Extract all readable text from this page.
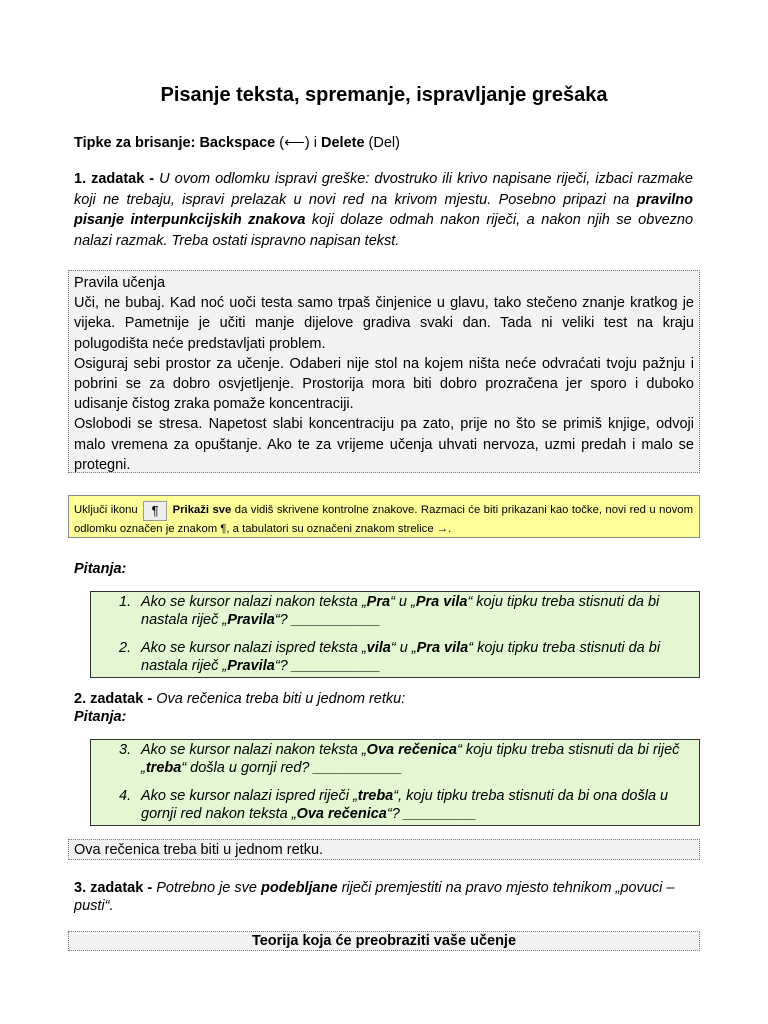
Pisanje teksta, spremanje, ispravljanje grešaka
Tipke za brisanje: Backspace (⟵) i Delete (Del)
1. zadatak - U ovom odlomku ispravi greške: dvostruko ili krivo napisane riječi, izbaci razmake koji ne trebaju, ispravi prelazak u novi red na krivom mjestu. Posebno pripazi na pravilno pisanje interpunkcijskih znakova koji dolaze odmah nakon riječi, a nakon njih se obvezno nalazi razmak. Treba ostati ispravno napisan tekst.

Pravila učenja

Uči, ne bubaj. Kad noć uoči testa samo trpaš činjenice u glavu, tako stečeno znanje kratkog je vijeka. Pametnije je učiti manje dijelove gradiva svaki dan. Tada ni veliki test na kraju polugodišta neće predstavljati problem.

Osiguraj sebi prostor za učenje. Odaberi nije stol na kojem ništa neće odvraćati tvoju pažnju i pobrini se za dobro osvjetljenje. Prostorija mora biti dobro prozračena jer sporo i duboko udisanje čistog zraka pomaže koncentraciji.

Oslobodi se stresa. Napetost slabi koncentraciju pa zato, prije no što se primiš knjige, odvoji malo vremena za opuštanje. Ako te za vrijeme učenja uhvati nervoza, uzmi predah i malo se protegni.

Uključi ikonu ¶ Prikaži sve da vidiš skrivene kontrolne znakove. Razmaci će biti prikazani kao točke, novi red u novom odlomku označen je znakom ¶, a tabulatori su označeni znakom strelice →.
Pitanja:
1. Ako se kursor nalazi nakon teksta „Pra“ u „Pra vila“ koju tipku treba stisnuti da bi nastala riječ „Pravila“? ___________
2. Ako se kursor nalazi ispred teksta „vila“ u „Pra vila“ koju tipku treba stisnuti da bi nastala riječ „Pravila“? ___________
2. zadatak - Ova rečenica treba biti u jednom retku:
Pitanja:
3. Ako se kursor nalazi nakon teksta „Ova rečenica“ koju tipku treba stisnuti da bi riječ „treba“ došla u gornji red? ___________
4. Ako se kursor nalazi ispred riječi „treba“, koju tipku treba stisnuti da bi ona došla u gornji red nakon teksta „Ova rečenica“? _________
Ova rečenica treba biti u jednom retku.
3. zadatak - Potrebno je sve podebljane riječi premjestiti na pravo mjesto tehnikom „povuci – pusti“.
Teorija koja će preobraziti vaše učenje
